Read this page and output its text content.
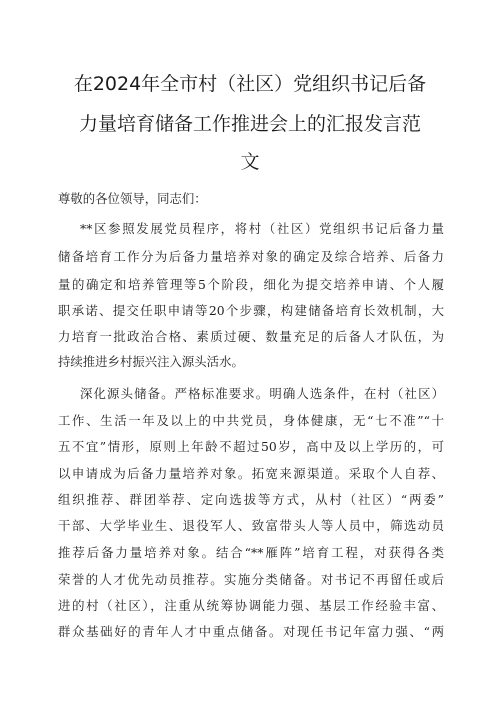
在2024年全市村（社区）党组织书记后备
力量培育储备工作推进会上的汇报发言范
文
尊敬的各位领导，同志们：
**区参照发展党员程序，将村（社区）党组织书记后备力量
储备培育工作分为后备力量培养对象的确定及综合培养、后备力
量的确定和培养管理等5个阶段，细化为提交培养申请、个人履
职承诺、提交任职申请等20个步骤，构建储备培育长效机制，大
力培育一批政治合格、素质过硬、数量充足的后备人才队伍，为
持续推进乡村振兴注入源头活水。
深化源头储备。严格标准要求。明确人选条件，在村（社区）
工作、生活一年及以上的中共党员，身体健康，无“七不准”“十
五不宜”情形，原则上年龄不超过50岁，高中及以上学历的，可
以申请成为后备力量培养对象。拓宽来源渠道。采取个人自荐、
组织推荐、群团举荐、定向选拔等方式，从村（社区）“两委”
干部、大学毕业生、退役军人、致富带头人等人员中，筛选动员
推荐后备力量培养对象。结合“**雁阵”培育工程，对获得各类
荣誉的人才优先动员推荐。实施分类储备。对书记不再留任或后
进的村（社区），注重从统筹协调能力强、基层工作经验丰富、
群众基础好的青年人才中重点储备。对现任书记年富力强、“两
